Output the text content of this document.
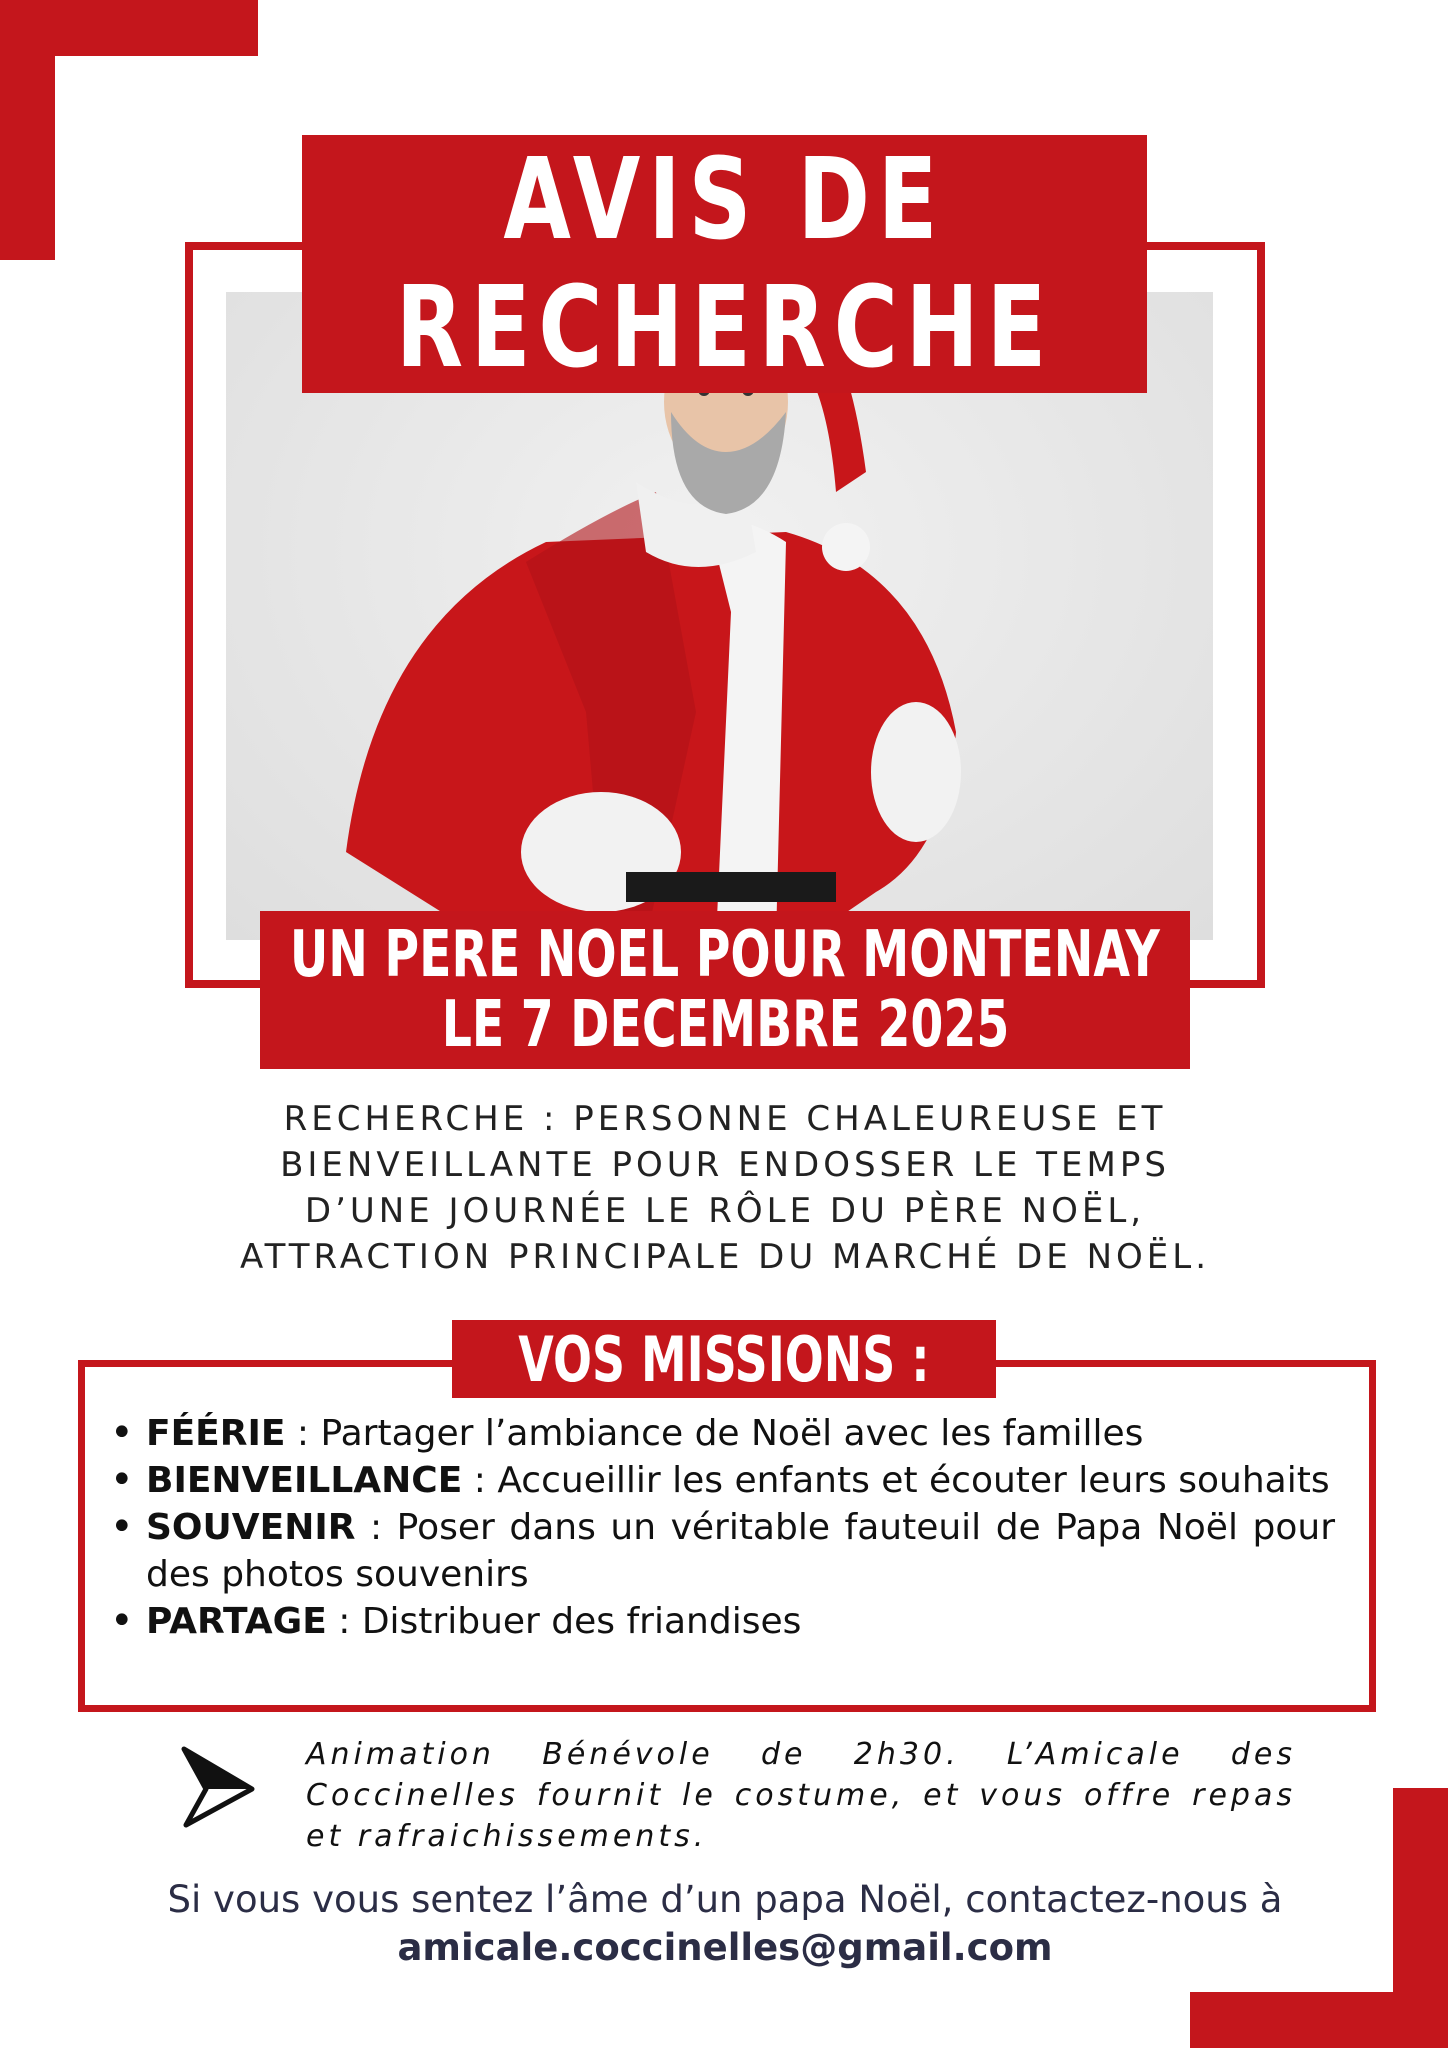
AVIS DE
RECHERCHE
UN PERE NOEL POUR MONTENAY
LE 7 DECEMBRE 2025
RECHERCHE : PERSONNE CHALEUREUSE ET
BIENVEILLANTE POUR ENDOSSER LE TEMPS
D’UNE JOURNÉE LE RÔLE DU PÈRE NOËL,
ATTRACTION PRINCIPALE DU MARCHÉ DE NOËL.
VOS MISSIONS :
• FÉÉRIE : Partager l’ambiance de Noël avec les familles
• BIENVEILLANCE : Accueillir les enfants et écouter leurs souhaits
• SOUVENIR : Poser dans un véritable fauteuil de Papa Noël pour des photos souvenirs
• PARTAGE : Distribuer des friandises
Animation Bénévole de 2h30. L’Amicale des Coccinelles fournit le costume, et vous offre repas et rafraichissements.
Si vous vous sentez l’âme d’un papa Noël, contactez-nous à
amicale.coccinelles@gmail.com
